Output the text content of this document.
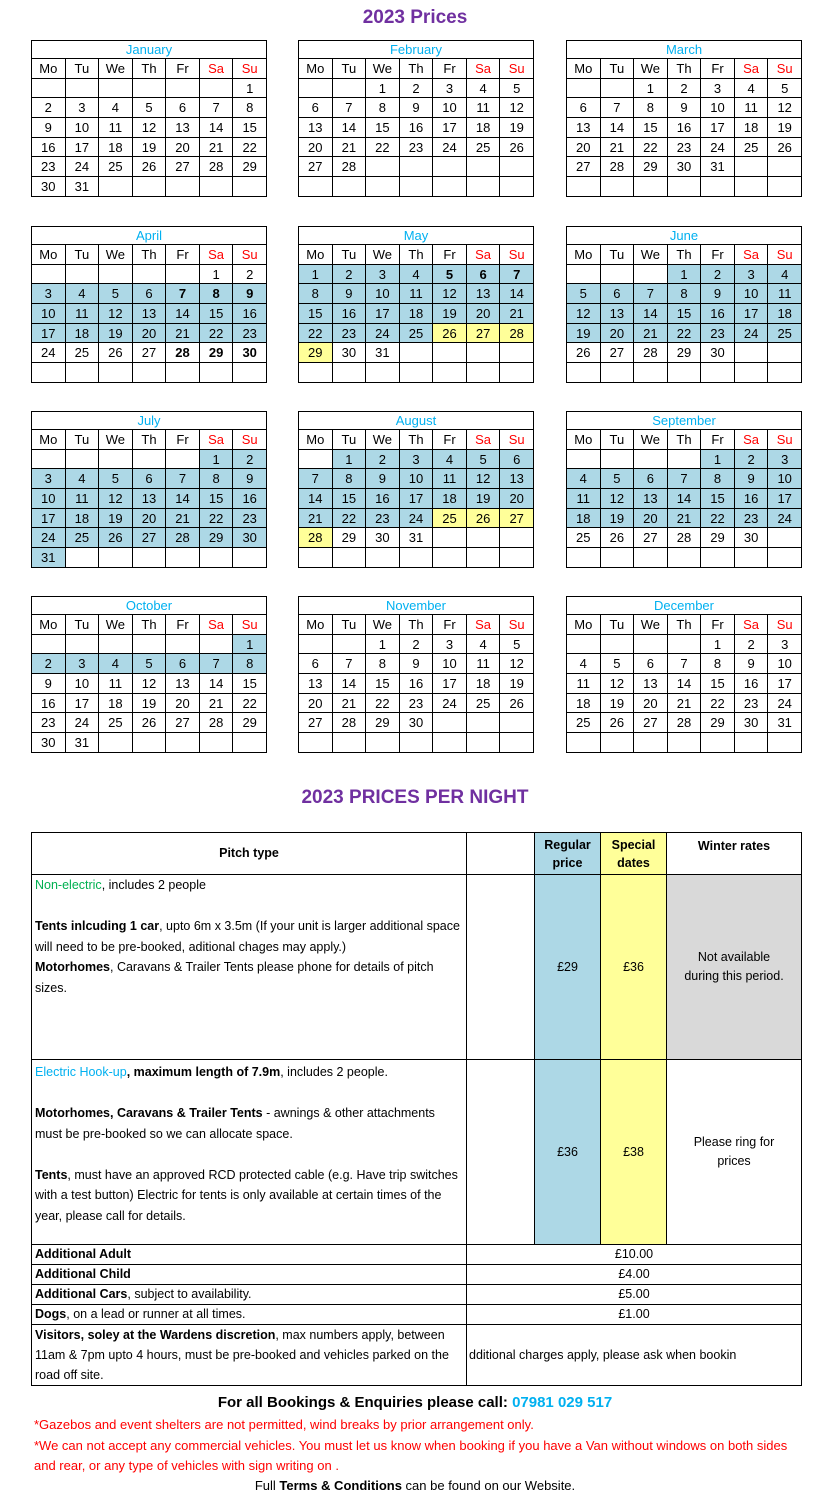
2023 Prices
January						
Mo	Tu	We	Th	Fr	Sa	Su
						1
2	3	4	5	6	7	8
9	10	11	12	13	14	15
16	17	18	19	20	21	22
23	24	25	26	27	28	29
30	31					
February						
Mo	Tu	We	Th	Fr	Sa	Su
		1	2	3	4	5
6	7	8	9	10	11	12
13	14	15	16	17	18	19
20	21	22	23	24	25	26
27	28					

March						
Mo	Tu	We	Th	Fr	Sa	Su
		1	2	3	4	5
6	7	8	9	10	11	12
13	14	15	16	17	18	19
20	21	22	23	24	25	26
27	28	29	30	31		

April						
Mo	Tu	We	Th	Fr	Sa	Su
					1	2
3	4	5	6	7	8	9
10	11	12	13	14	15	16
17	18	19	20	21	22	23
24	25	26	27	28	29	30

May						
Mo	Tu	We	Th	Fr	Sa	Su
1	2	3	4	5	6	7
8	9	10	11	12	13	14
15	16	17	18	19	20	21
22	23	24	25	26	27	28
29	30	31				

June						
Mo	Tu	We	Th	Fr	Sa	Su
			1	2	3	4
5	6	7	8	9	10	11
12	13	14	15	16	17	18
19	20	21	22	23	24	25
26	27	28	29	30		

July						
Mo	Tu	We	Th	Fr	Sa	Su
					1	2
3	4	5	6	7	8	9
10	11	12	13	14	15	16
17	18	19	20	21	22	23
24	25	26	27	28	29	30
31						
August						
Mo	Tu	We	Th	Fr	Sa	Su
	1	2	3	4	5	6
7	8	9	10	11	12	13
14	15	16	17	18	19	20
21	22	23	24	25	26	27
28	29	30	31			

September						
Mo	Tu	We	Th	Fr	Sa	Su
				1	2	3
4	5	6	7	8	9	10
11	12	13	14	15	16	17
18	19	20	21	22	23	24
25	26	27	28	29	30	

October						
Mo	Tu	We	Th	Fr	Sa	Su
						1
2	3	4	5	6	7	8
9	10	11	12	13	14	15
16	17	18	19	20	21	22
23	24	25	26	27	28	29
30	31					
November						
Mo	Tu	We	Th	Fr	Sa	Su
		1	2	3	4	5
6	7	8	9	10	11	12
13	14	15	16	17	18	19
20	21	22	23	24	25	26
27	28	29	30			

December						
Mo	Tu	We	Th	Fr	Sa	Su
				1	2	3
4	5	6	7	8	9	10
11	12	13	14	15	16	17
18	19	20	21	22	23	24
25	26	27	28	29	30	31

2023 PRICES PER NIGHT
Pitch type		Regular price	Special dates	Winter rates
Non-electric, includes 2 people

Tents inlcuding 1 car, upto 6m x 3.5m (If your unit is larger additional space will need to be pre-booked, aditional chages may apply.)
Motorhomes, Caravans & Trailer Tents please phone for details of pitch sizes.		£29	£36	Not available during this period.
Electric Hook-up, maximum length of 7.9m, includes 2 people.

Motorhomes, Caravans & Trailer Tents - awnings & other attachments must be pre-booked so we can allocate space.

Tents, must have an approved RCD protected cable (e.g. Have trip switches with a test button) Electric for tents is only available at certain times of the year, please call for details.		£36	£38	Please ring for prices
Additional Adult	£10.00			
Additional Child	£4.00			
Additional Cars, subject to availability.	£5.00			
Dogs, on a lead or runner at all times.	£1.00			
Visitors, soley at the Wardens discretion, max numbers apply, between 11am & 7pm upto 4 hours, must be pre-booked and vehicles parked on the road off site.	dditional charges apply, please ask when bookin			
For all Bookings & Enquiries please call: 07981 029 517
*Gazebos and event shelters are not permitted, wind breaks by prior arrangement only.
*We can not accept any commercial vehicles. You must let us know when booking if you have a Van without windows on both sides and rear, or any type of vehicles with sign writing on .
Full Terms & Conditions can be found on our Website.
